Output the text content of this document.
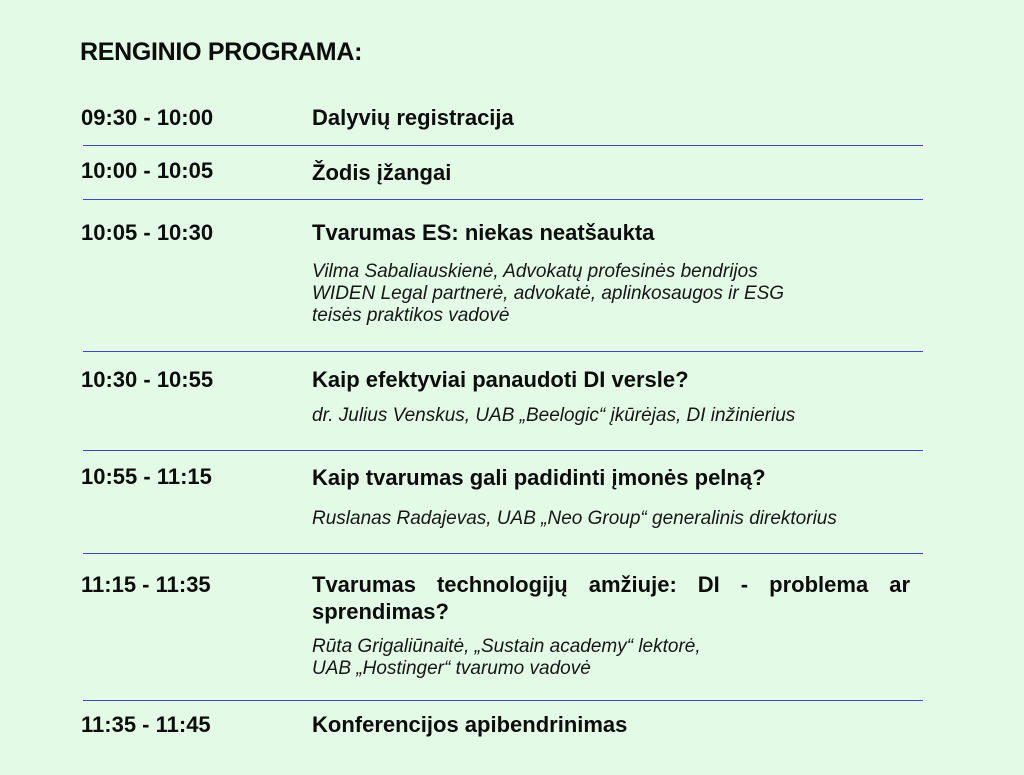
RENGINIO PROGRAMA:
09:30 - 10:00	Dalyvių registracija
10:00 - 10:05	Žodis įžangai
10:05 - 10:30	Tvarumas ES: niekas neatšaukta
Vilma Sabaliauskienė, Advokatų profesinės bendrijos
WIDEN Legal partnerė, advokatė, aplinkosaugos ir ESG
teisės praktikos vadovė
10:30 - 10:55	Kaip efektyviai panaudoti DI versle?
dr. Julius Venskus, UAB „Beelogic“ įkūrėjas, DI inžinierius
10:55 - 11:15	Kaip tvarumas gali padidinti įmonės pelną?
Ruslanas Radajevas, UAB „Neo Group“ generalinis direktorius
11:15 - 11:35	Tvarumas technologijų amžiuje: DI - problema ar sprendimas?
Rūta Grigaliūnaitė, „Sustain academy“ lektorė,
UAB „Hostinger“ tvarumo vadovė
11:35 - 11:45	Konferencijos apibendrinimas
